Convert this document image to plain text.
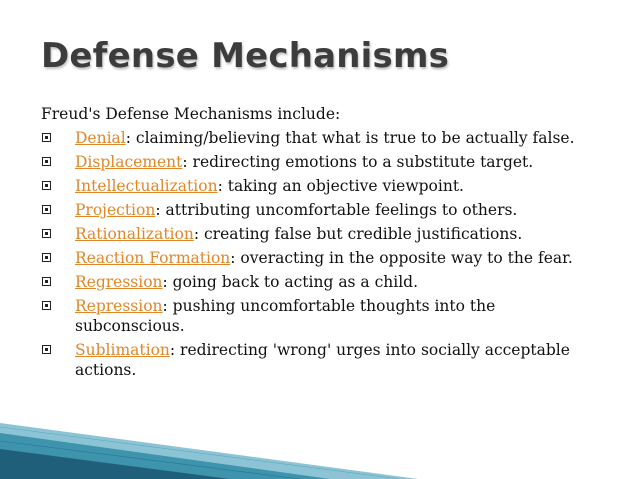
Defense Mechanisms

Freud's Defense Mechanisms include:

Denial: claiming/believing that what is true to be actually false.
Displacement: redirecting emotions to a substitute target.
Intellectualization: taking an objective viewpoint.
Projection: attributing uncomfortable feelings to others.
Rationalization: creating false but credible justifications.
Reaction Formation: overacting in the opposite way to the fear.
Regression: going back to acting as a child.
Repression: pushing uncomfortable thoughts into the subconscious.
Sublimation: redirecting 'wrong' urges into socially acceptable actions.
